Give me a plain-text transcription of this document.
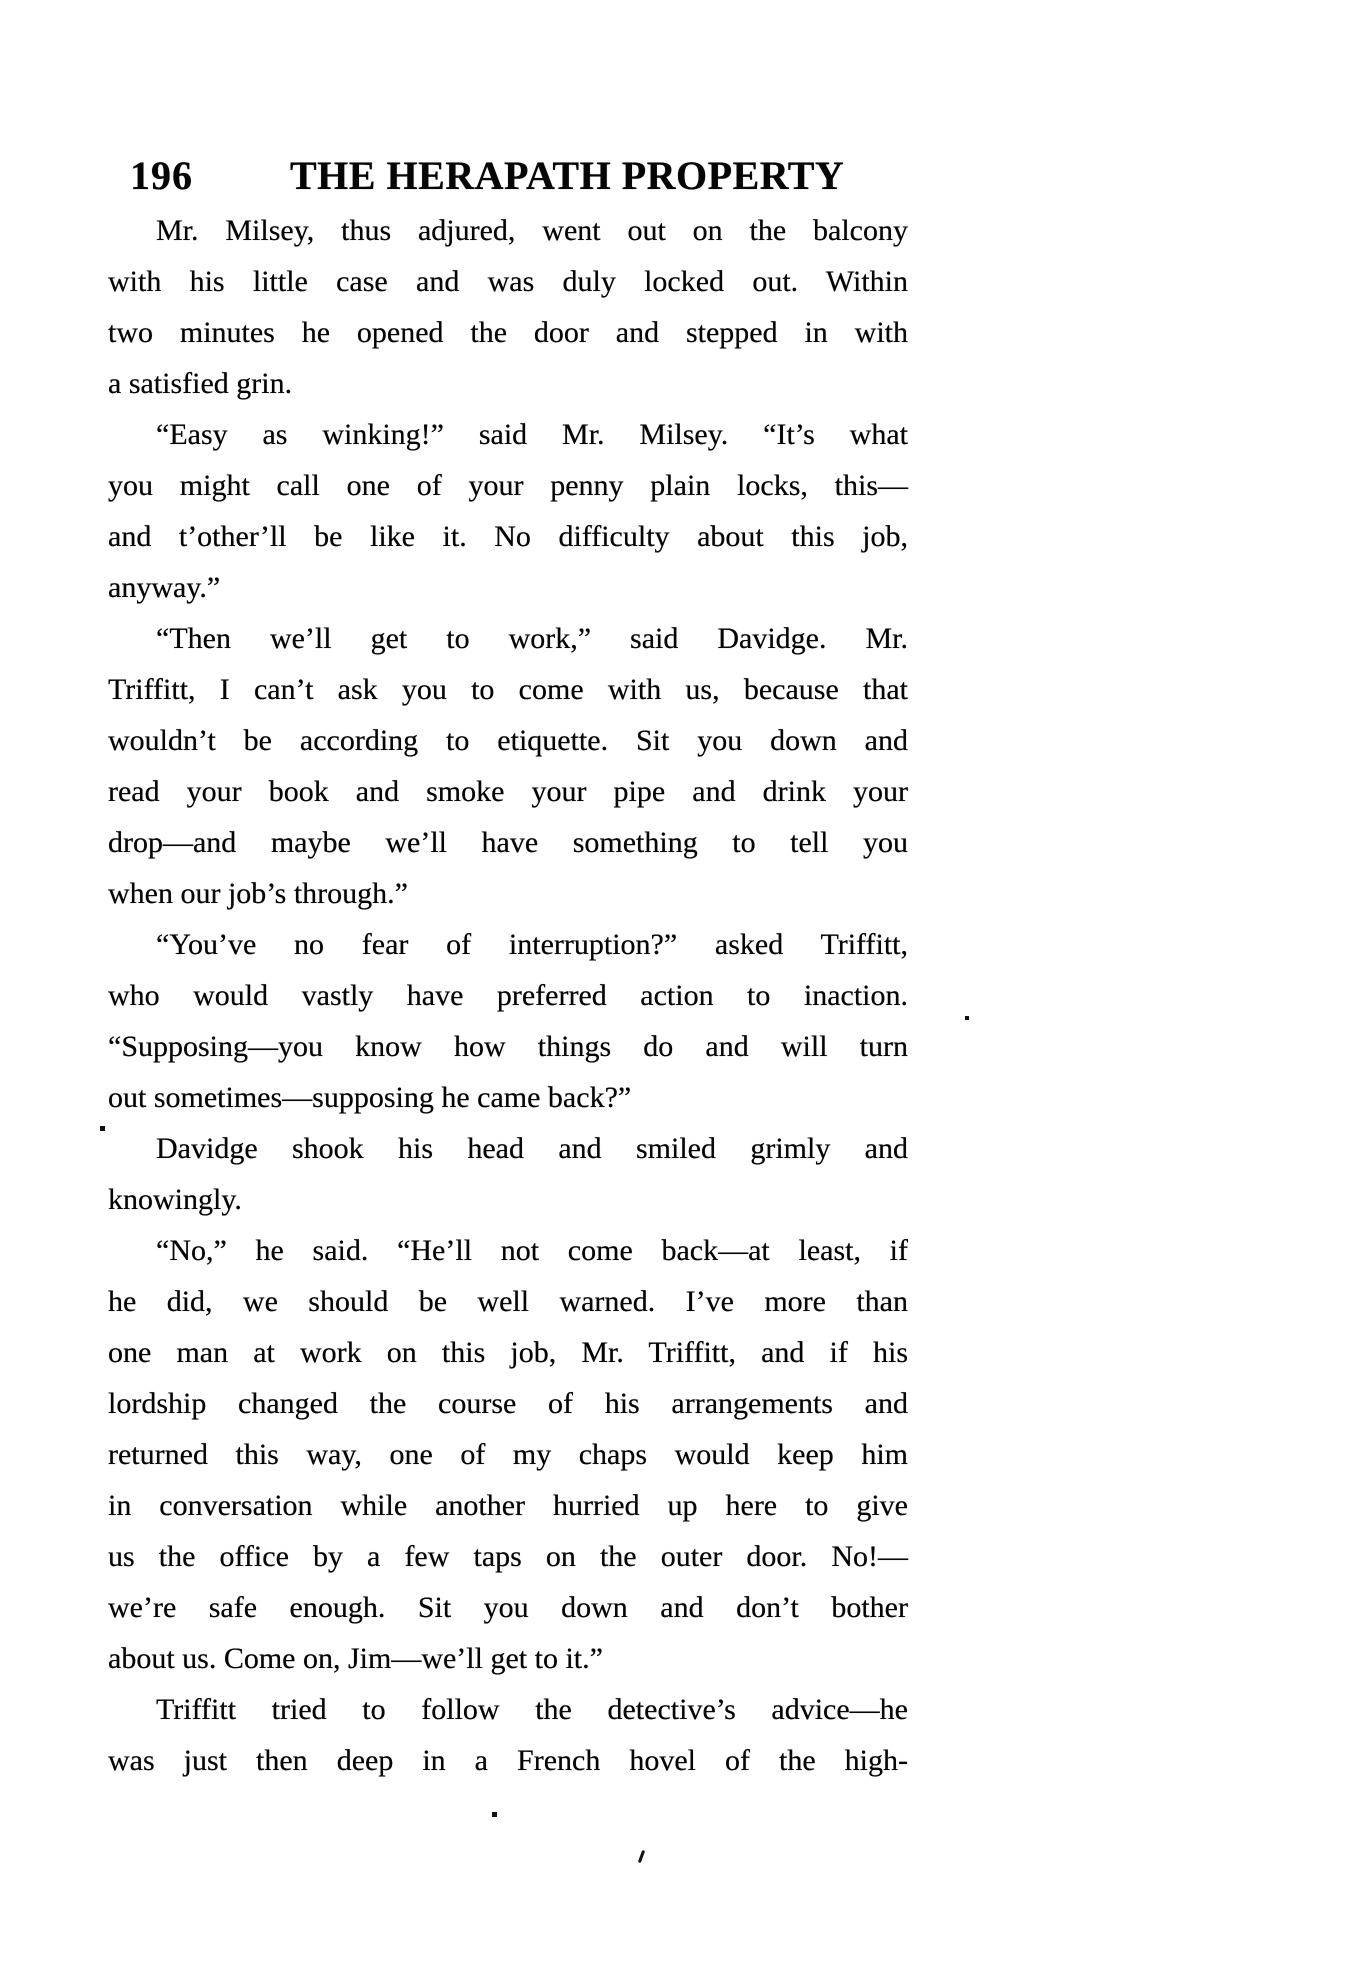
196 THE HERAPATH PROPERTY
Mr. Milsey, thus adjured, went out on the balcony
with his little case and was duly locked out. Within
two minutes he opened the door and stepped in with
a satisfied grin.
“Easy as winking!” said Mr. Milsey. “It’s what
you might call one of your penny plain locks, this—
and t’other’ll be like it. No difficulty about this job,
anyway.”
“Then we’ll get to work,” said Davidge. Mr.
Triffitt, I can’t ask you to come with us, because that
wouldn’t be according to etiquette. Sit you down and
read your book and smoke your pipe and drink your
drop—and maybe we’ll have something to tell you
when our job’s through.”
“You’ve no fear of interruption?” asked Triffitt,
who would vastly have preferred action to inaction.
“Supposing—you know how things do and will turn
out sometimes—supposing he came back?”
Davidge shook his head and smiled grimly and
knowingly.
“No,” he said. “He’ll not come back—at least, if
he did, we should be well warned. I’ve more than
one man at work on this job, Mr. Triffitt, and if his
lordship changed the course of his arrangements and
returned this way, one of my chaps would keep him
in conversation while another hurried up here to give
us the office by a few taps on the outer door. No!—
we’re safe enough. Sit you down and don’t bother
about us. Come on, Jim—we’ll get to it.”
Triffitt tried to follow the detective’s advice—he
was just then deep in a French hovel of the high-
